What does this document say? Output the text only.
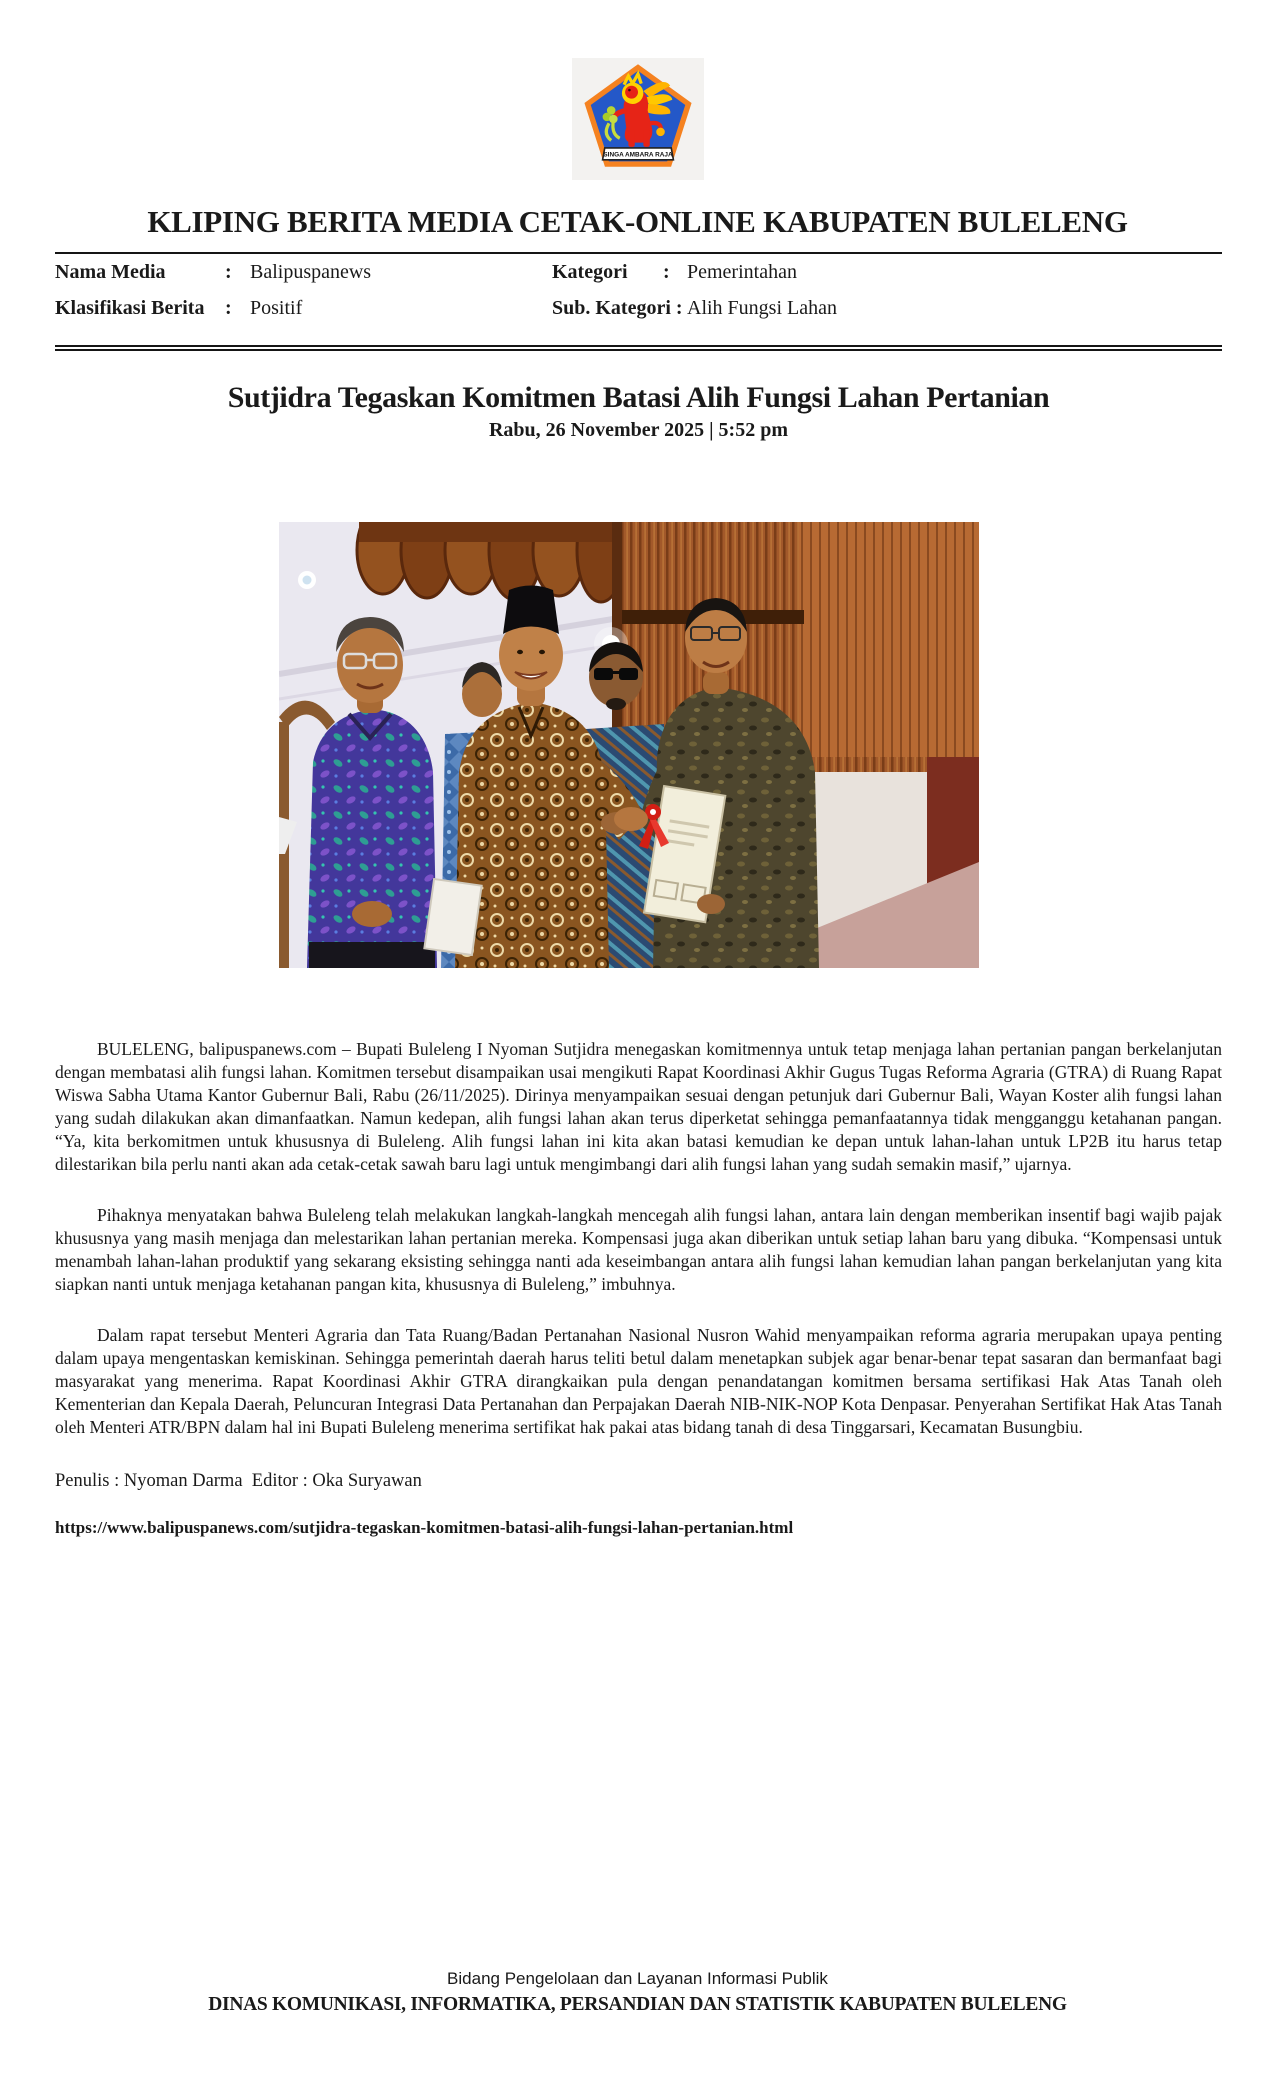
SINGA AMBARA RAJA
KLIPING BERITA MEDIA CETAK-ONLINE KABUPATEN BULELENG
Nama Media	: Balipuspanews
Klasifikasi Berita	: Positif
Kategori	: Pemerintahan
Sub. Kategori : Alih Fungsi Lahan
Sutjidra Tegaskan Komitmen Batasi Alih Fungsi Lahan Pertanian
Rabu, 26 November 2025 | 5:52 pm

BULELENG, balipuspanews.com – Bupati Buleleng I Nyoman Sutjidra menegaskan komitmennya untuk tetap menjaga lahan pertanian pangan berkelanjutan dengan membatasi alih fungsi lahan. Komitmen tersebut disampaikan usai mengikuti Rapat Koordinasi Akhir Gugus Tugas Reforma Agraria (GTRA) di Ruang Rapat Wiswa Sabha Utama Kantor Gubernur Bali, Rabu (26/11/2025). Dirinya menyampaikan sesuai dengan petunjuk dari Gubernur Bali, Wayan Koster alih fungsi lahan yang sudah dilakukan akan dimanfaatkan. Namun kedepan, alih fungsi lahan akan terus diperketat sehingga pemanfaatannya tidak mengganggu ketahanan pangan. “Ya, kita berkomitmen untuk khususnya di Buleleng. Alih fungsi lahan ini kita akan batasi kemudian ke depan untuk lahan-lahan untuk LP2B itu harus tetap dilestarikan bila perlu nanti akan ada cetak-cetak sawah baru lagi untuk mengimbangi dari alih fungsi lahan yang sudah semakin masif,” ujarnya.

Pihaknya menyatakan bahwa Buleleng telah melakukan langkah-langkah mencegah alih fungsi lahan, antara lain dengan memberikan insentif bagi wajib pajak khususnya yang masih menjaga dan melestarikan lahan pertanian mereka. Kompensasi juga akan diberikan untuk setiap lahan baru yang dibuka. “Kompensasi untuk menambah lahan-lahan produktif yang sekarang eksisting sehingga nanti ada keseimbangan antara alih fungsi lahan kemudian lahan pangan berkelanjutan yang kita siapkan nanti untuk menjaga ketahanan pangan kita, khususnya di Buleleng,” imbuhnya.

Dalam rapat tersebut Menteri Agraria dan Tata Ruang/Badan Pertanahan Nasional Nusron Wahid menyampaikan reforma agraria merupakan upaya penting dalam upaya mengentaskan kemiskinan. Sehingga pemerintah daerah harus teliti betul dalam menetapkan subjek agar benar-benar tepat sasaran dan bermanfaat bagi masyarakat yang menerima. Rapat Koordinasi Akhir GTRA dirangkaikan pula dengan penandatangan komitmen bersama sertifikasi Hak Atas Tanah oleh Kementerian dan Kepala Daerah, Peluncuran Integrasi Data Pertanahan dan Perpajakan Daerah NIB-NIK-NOP Kota Denpasar. Penyerahan Sertifikat Hak Atas Tanah oleh Menteri ATR/BPN dalam hal ini Bupati Buleleng menerima sertifikat hak pakai atas bidang tanah di desa Tinggarsari, Kecamatan Busungbiu.

Penulis : Nyoman Darma  Editor : Oka Suryawan
https://www.balipuspanews.com/sutjidra-tegaskan-komitmen-batasi-alih-fungsi-lahan-pertanian.html
Bidang Pengelolaan dan Layanan Informasi Publik
DINAS KOMUNIKASI, INFORMATIKA, PERSANDIAN DAN STATISTIK KABUPATEN BULELENG
